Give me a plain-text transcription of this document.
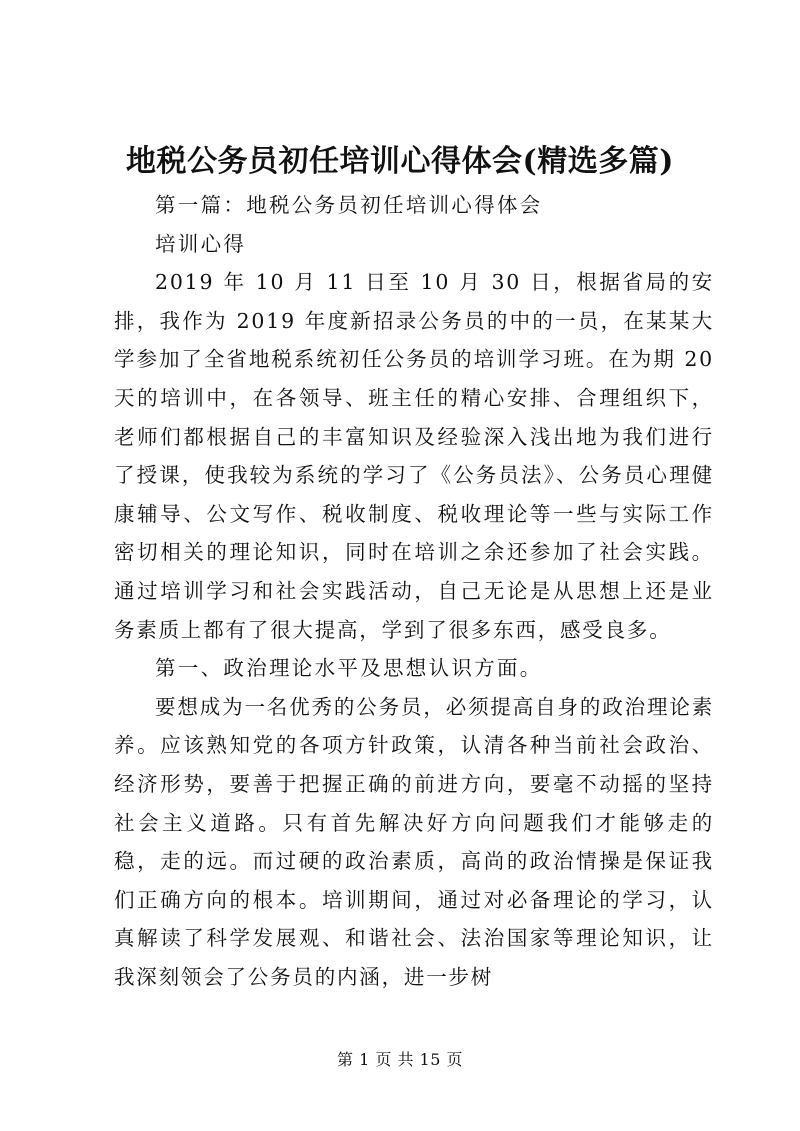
地税公务员初任培训心得体会(精选多篇)

第一篇：地税公务员初任培训心得体会

培训心得

2019 年 10 月 11 日至 10 月 30 日，根据省局的安排，我作为 2019 年度新招录公务员的中的一员，在某某大学参加了全省地税系统初任公务员的培训学习班。在为期 20 天的培训中，在各领导、班主任的精心安排、合理组织下，老师们都根据自己的丰富知识及经验深入浅出地为我们进行了授课，使我较为系统的学习了《公务员法》、公务员心理健康辅导、公文写作、税收制度、税收理论等一些与实际工作密切相关的理论知识，同时在培训之余还参加了社会实践。通过培训学习和社会实践活动，自己无论是从思想上还是业务素质上都有了很大提高，学到了很多东西，感受良多。

第一、政治理论水平及思想认识方面。

要想成为一名优秀的公务员，必须提高自身的政治理论素养。应该熟知党的各项方针政策，认清各种当前社会政治、经济形势，要善于把握正确的前进方向，要毫不动摇的坚持社会主义道路。只有首先解决好方向问题我们才能够走的稳，走的远。而过硬的政治素质，高尚的政治情操是保证我们正确方向的根本。培训期间，通过对必备理论的学习，认真解读了科学发展观、和谐社会、法治国家等理论知识，让我深刻领会了公务员的内涵，进一步树

第 1 页 共 15 页
